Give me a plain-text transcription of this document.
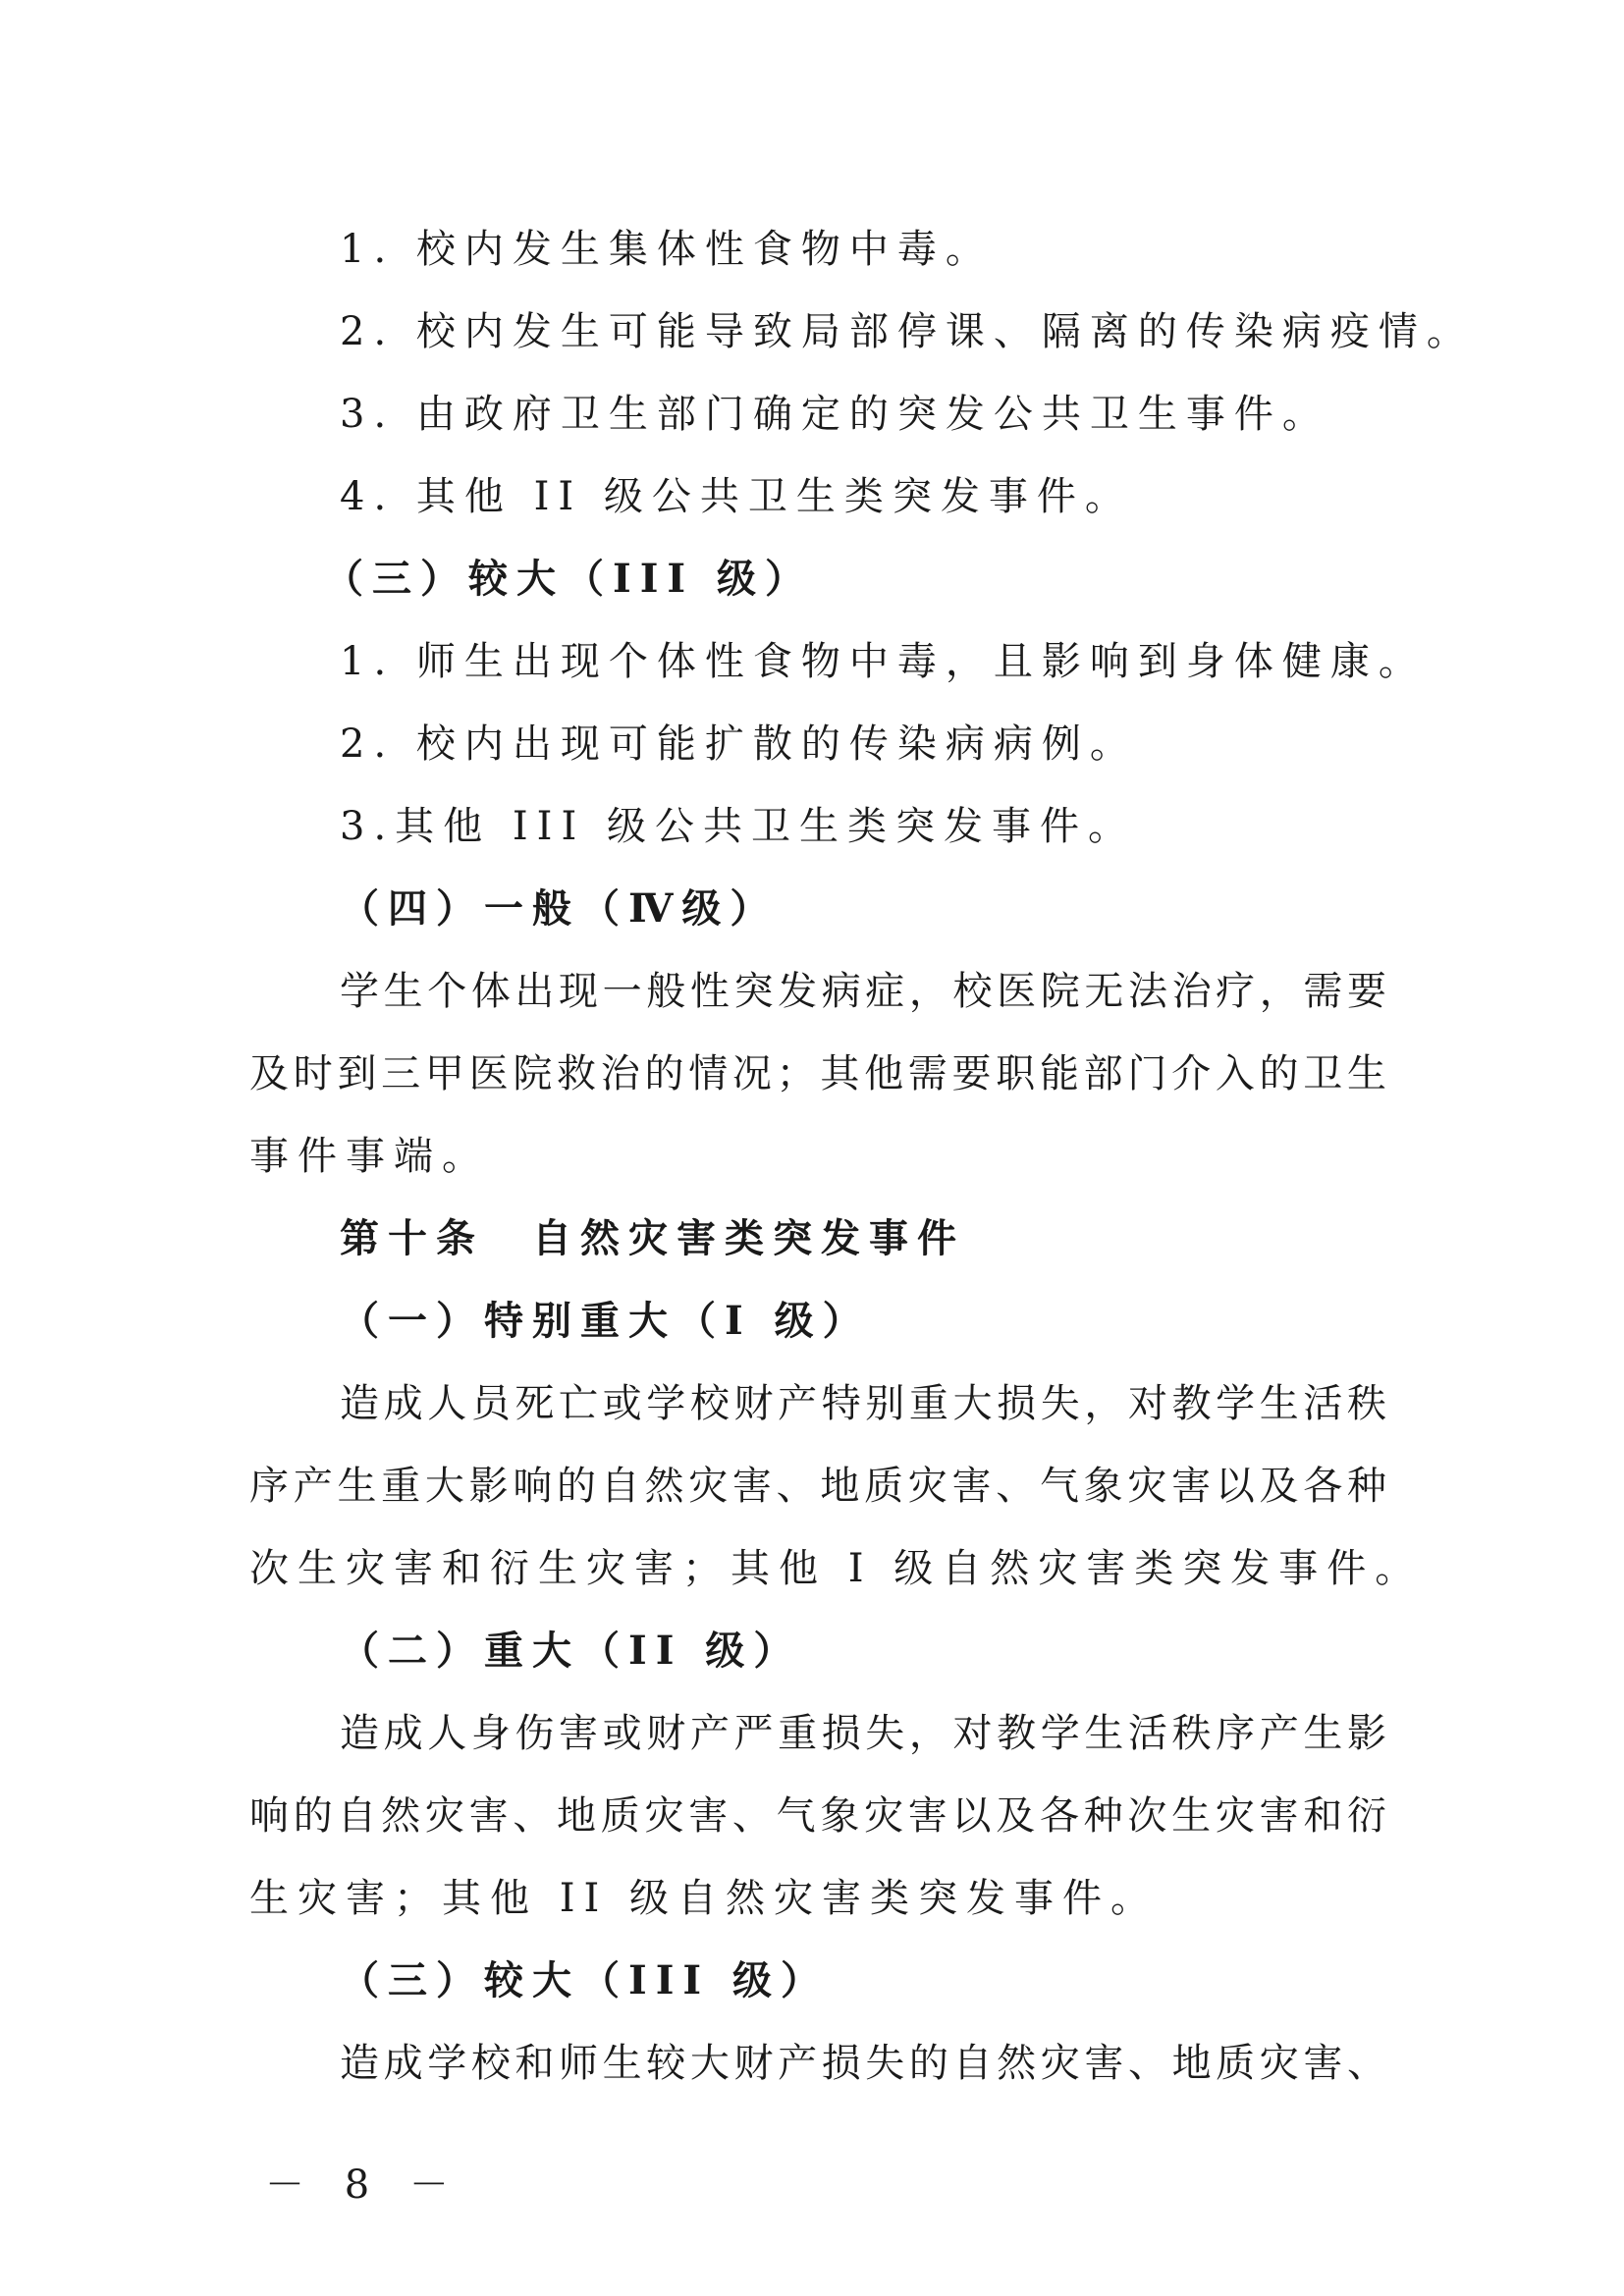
1. 校内发生集体性食物中毒。
2. 校内发生可能导致局部停课、隔离的传染病疫情。
3. 由政府卫生部门确定的突发公共卫生事件。
4. 其他 II 级公共卫生类突发事件。
（三）较大（III 级）
1. 师生出现个体性食物中毒，且影响到身体健康。
2. 校内出现可能扩散的传染病病例。
3.其他 III 级公共卫生类突发事件。
（四）一般（Ⅳ级）
学生个体出现一般性突发病症，校医院无法治疗，需要
及时到三甲医院救治的情况；其他需要职能部门介入的卫生
事件事端。
第十条　自然灾害类突发事件
（一）特别重大（I 级）
造成人员死亡或学校财产特别重大损失，对教学生活秩
序产生重大影响的自然灾害、地质灾害、气象灾害以及各种
次生灾害和衍生灾害；其他 I 级自然灾害类突发事件。
（二）重大（II 级）
造成人身伤害或财产严重损失，对教学生活秩序产生影
响的自然灾害、地质灾害、气象灾害以及各种次生灾害和衍
生灾害；其他 II 级自然灾害类突发事件。
（三）较大（III 级）
造成学校和师生较大财产损失的自然灾害、地质灾害、
－ 8 －
